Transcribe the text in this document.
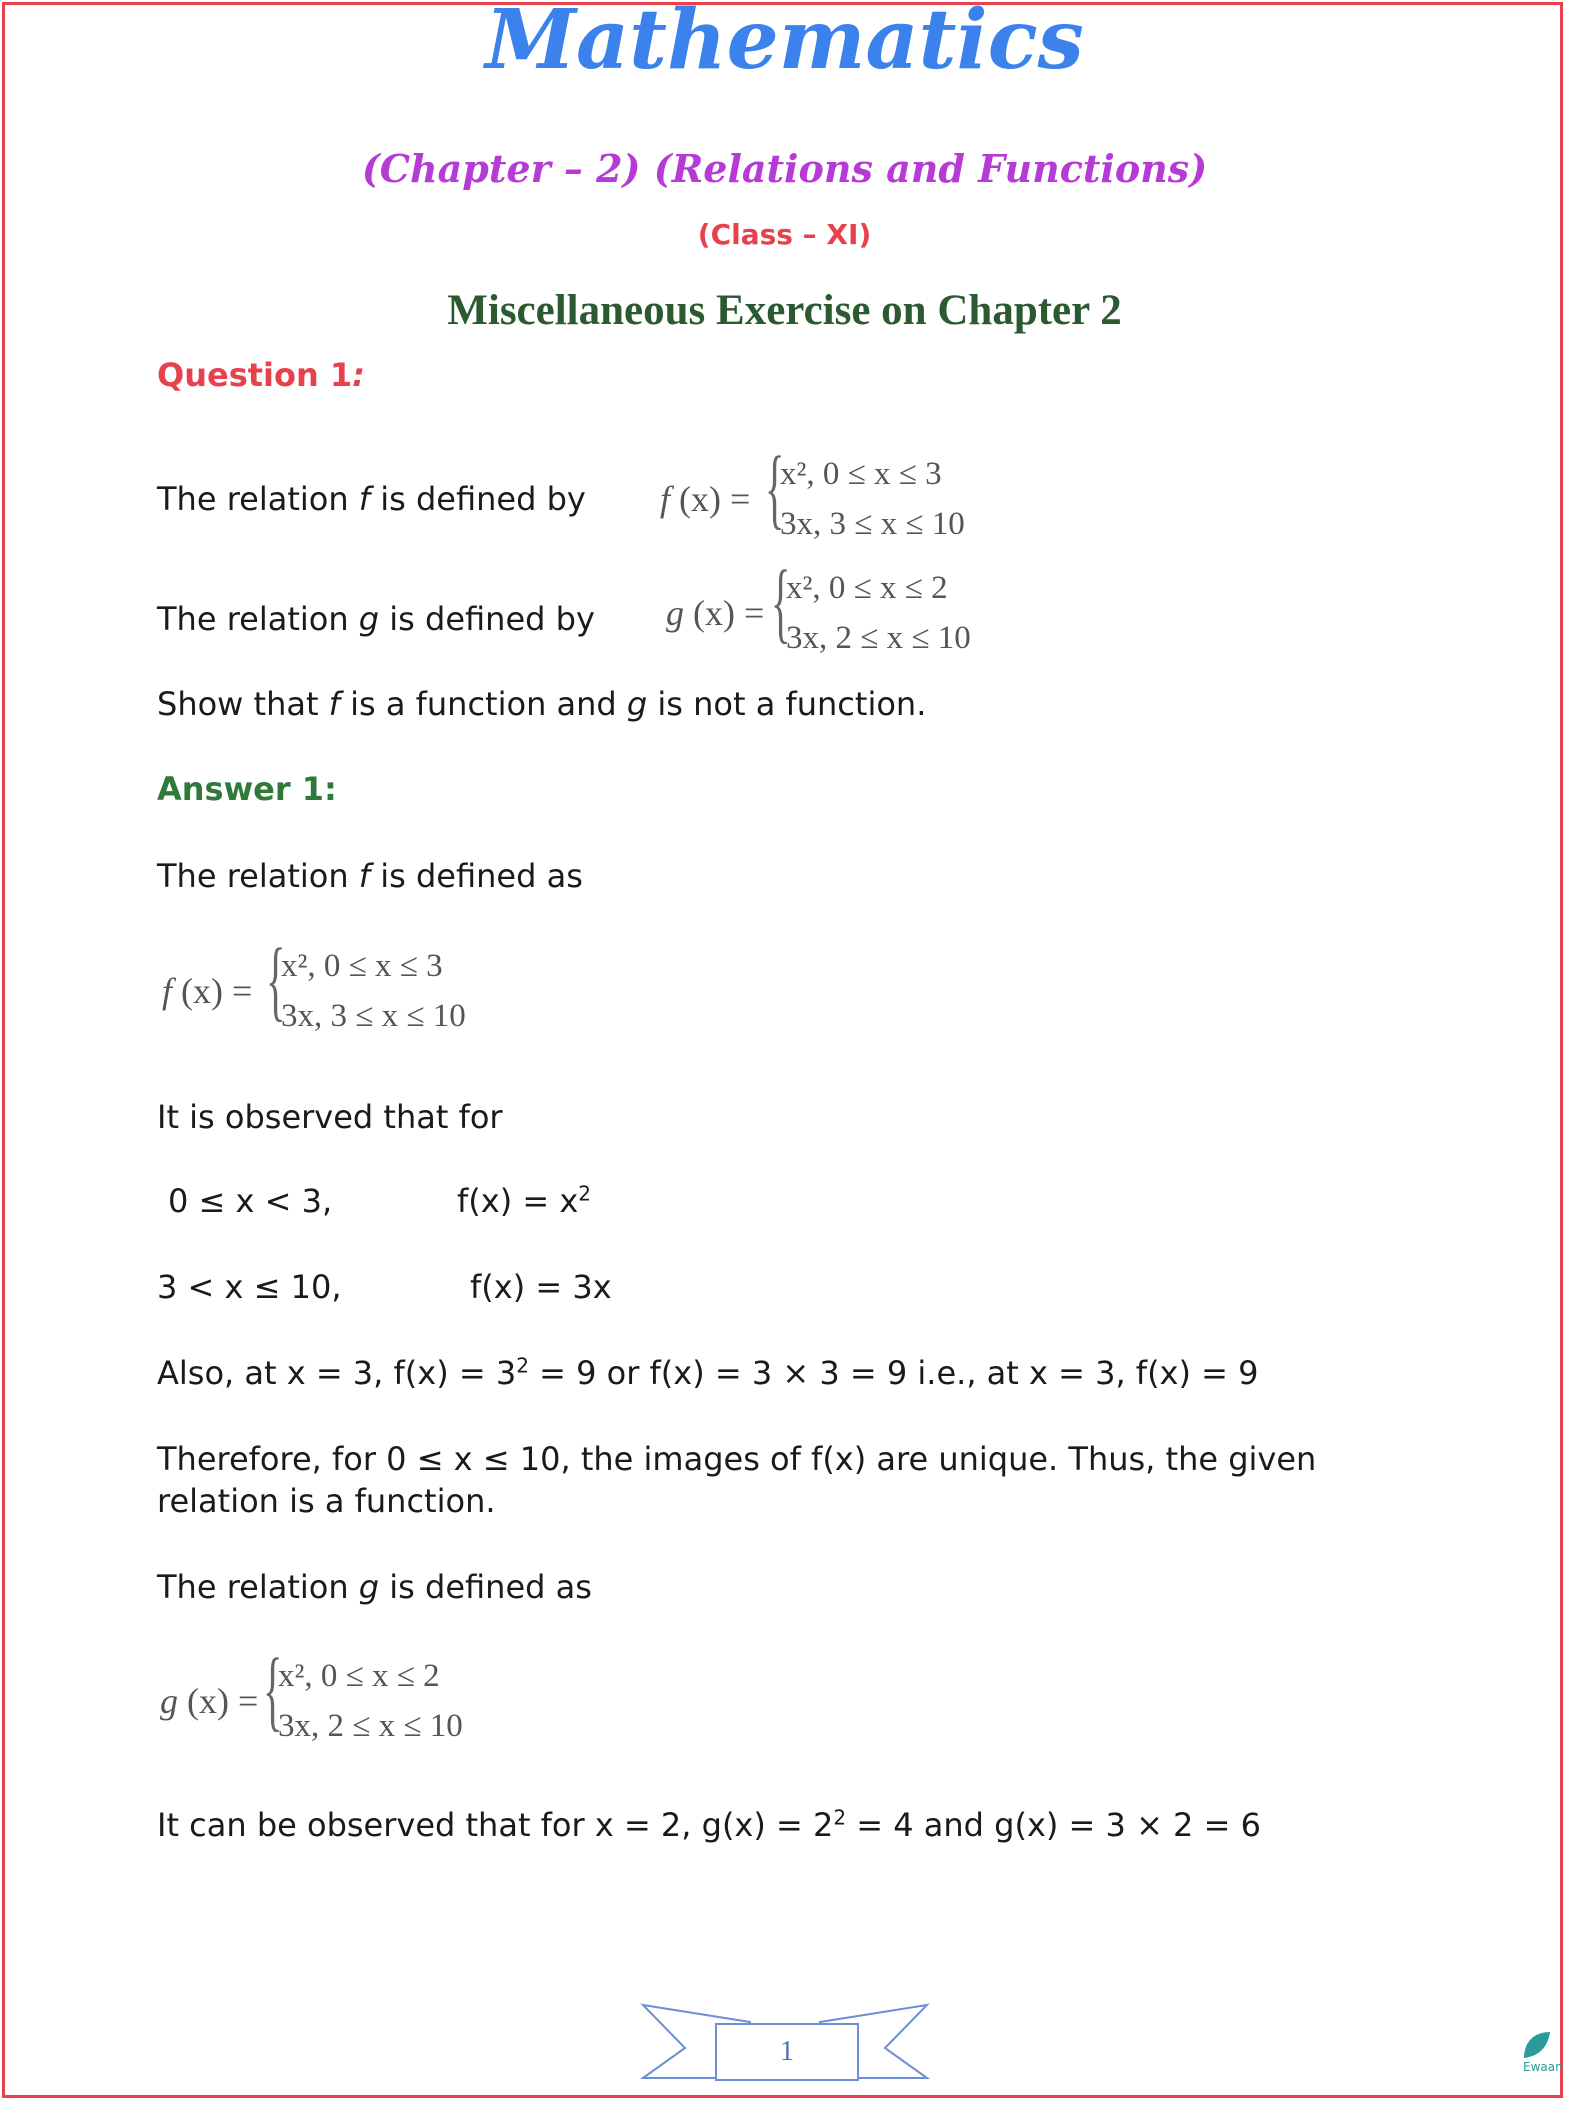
Mathematics
(Chapter – 2) (Relations and Functions)
(Class – XI)
Miscellaneous Exercise on Chapter 2
Question 1:
The relation f is defined by f (x) = {
x², 0 ≤ x ≤ 3
3x, 3 ≤ x ≤ 10
The relation g is defined by g (x) = {
x², 0 ≤ x ≤ 2
3x, 2 ≤ x ≤ 10
Show that f is a function and g is not a function.
Answer 1:
The relation f is defined as
f (x) = {
x², 0 ≤ x ≤ 3
3x, 3 ≤ x ≤ 10
It is observed that for
0 ≤ x < 3,	$f(x) = x^2$
3 < x ≤ 10,	f(x) = 3x
Also, at x = 3, $f(x) = 3^2 = 9$ or f(x) = 3 × 3 = 9 i.e., at x = 3, f(x) = 9
Therefore, for 0 ≤ x ≤ 10, the images of f(x) are unique. Thus, the given
relation is a function.
The relation g is defined as
g (x) = {
x², 0 ≤ x ≤ 2
3x, 2 ≤ x ≤ 10
It can be observed that for x = 2, $g(x) = 2^2 = 4$ and g(x) = 3 × 2 = 6
1	Ewaan
